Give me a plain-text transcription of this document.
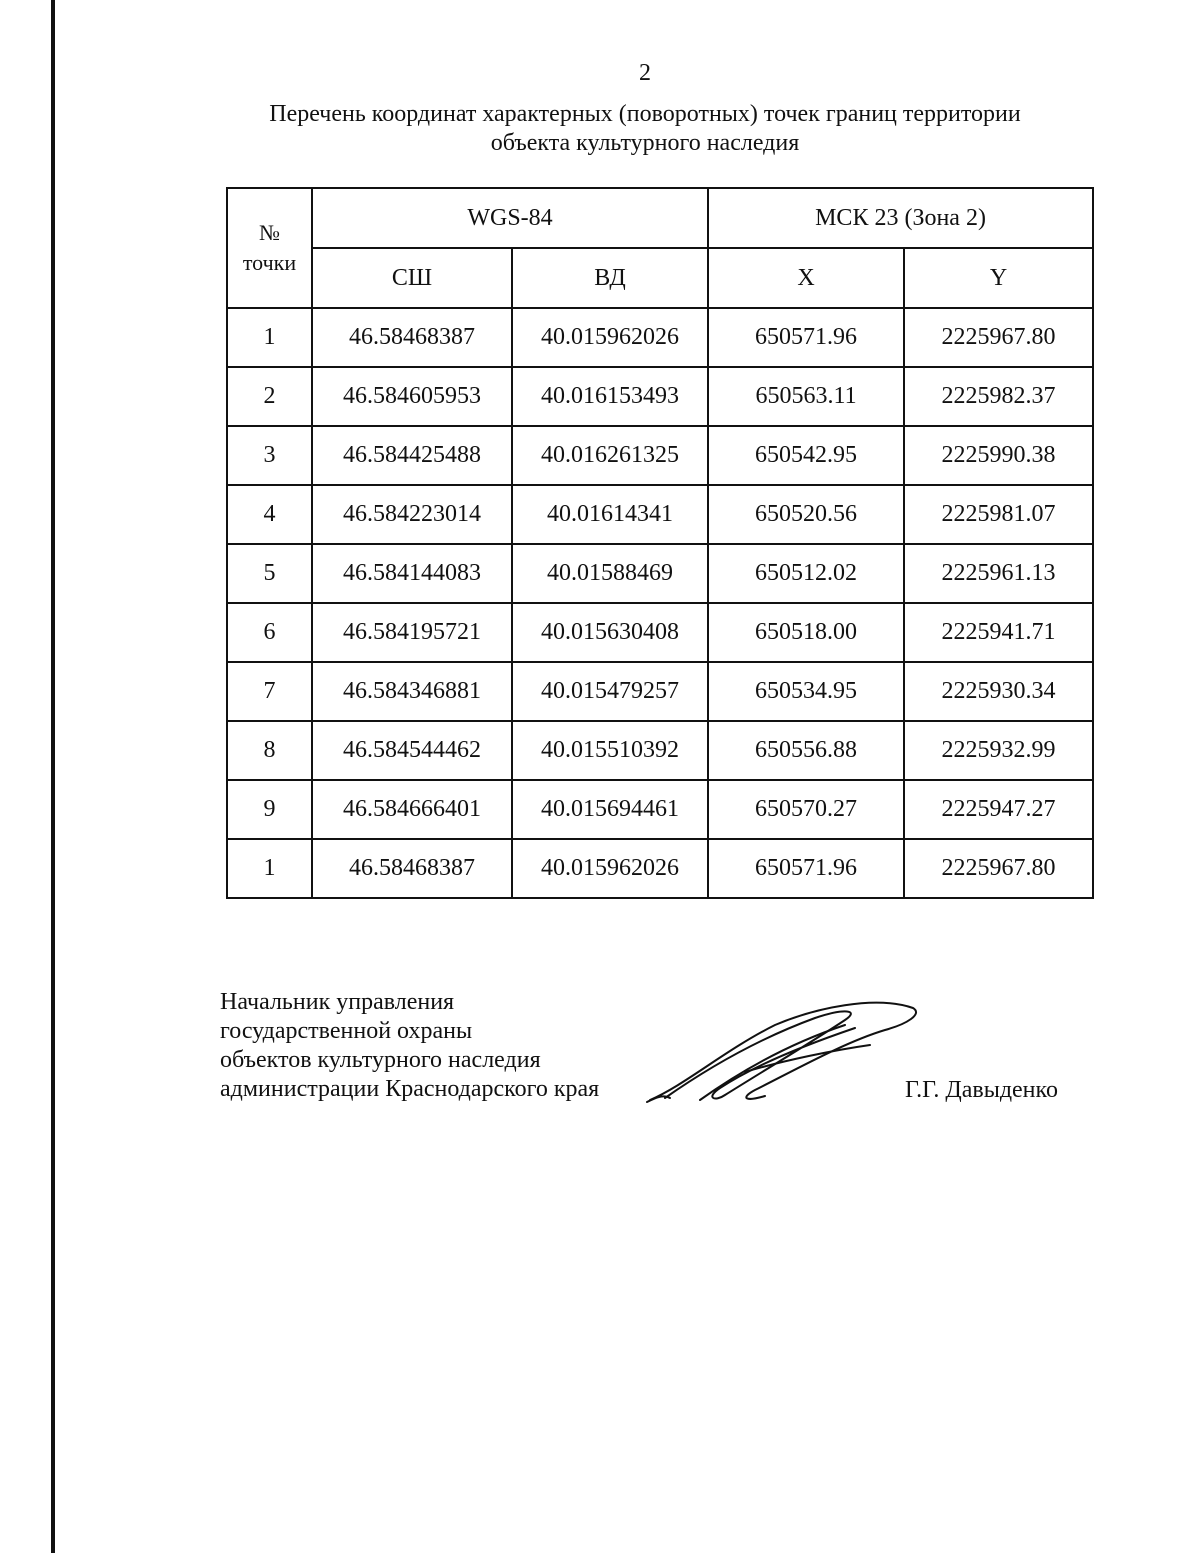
2
Перечень координат характерных (поворотных) точек границ территории
объекта культурного наследия
№
точки	WGS-84		МСК 23 (Зона 2)	
	СШ	ВД	X	Y
1	46.58468387	40.015962026	650571.96	2225967.80
2	46.584605953	40.016153493	650563.11	2225982.37
3	46.584425488	40.016261325	650542.95	2225990.38
4	46.584223014	40.01614341	650520.56	2225981.07
5	46.584144083	40.01588469	650512.02	2225961.13
6	46.584195721	40.015630408	650518.00	2225941.71
7	46.584346881	40.015479257	650534.95	2225930.34
8	46.584544462	40.015510392	650556.88	2225932.99
9	46.584666401	40.015694461	650570.27	2225947.27
1	46.58468387	40.015962026	650571.96	2225967.80
Начальник управления
государственной охраны
объектов культурного наследия
администрации Краснодарского края	Г.Г. Давыденко
